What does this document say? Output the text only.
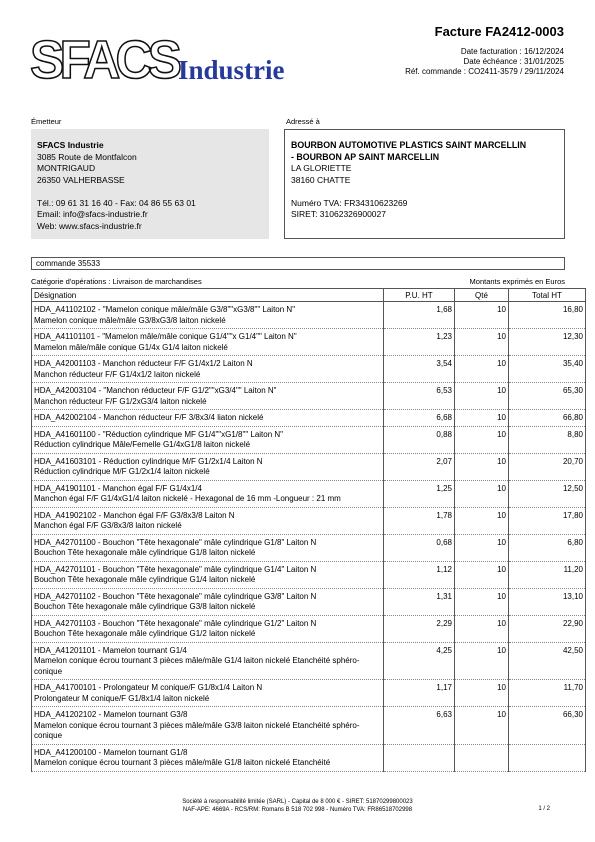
SFACS Industrie
Facture FA2412-0003
Date facturation : 16/12/2024
Date échéance : 31/01/2025
Réf. commande : CO2411-3579 / 29/11/2024
Émetteur	Adressé à
SFACS Industrie
3085 Route de Montfalcon
MONTRIGAUD
26350 VALHERBASSE
Tél.: 09 61 31 16 40 - Fax: 04 86 55 63 01
Email: info@sfacs-industrie.fr
Web: www.sfacs-industrie.fr
BOURBON AUTOMOTIVE PLASTICS SAINT MARCELLIN
- BOURBON AP SAINT MARCELLIN
LA GLORIETTE
38160 CHATTE
Numéro TVA: FR34310623269
SIRET: 31062326900027
commande 35533
Catégorie d'opérations : Livraison de marchandises	Montants exprimés en Euros
Désignation	P.U. HT	Qté	Total HT

HDA_A41102102 - "Mamelon conique mâle/mâle G3/8""xG3/8"" Laiton N"
Mamelon conique mâle/mâle G3/8xG3/8 laiton nickelé	1,68	10	16,80

HDA_A41101101 - "Mamelon mâle/mâle conique G1/4""x G1/4"" Laiton N"
Mamelon mâle/mâle conique G1/4x G1/4 laiton nickelé	1,23	10	12,30

HDA_A42001103 - Manchon réducteur F/F G1/4x1/2 Laiton N
Manchon réducteur F/F G1/4x1/2 laiton nickelé	3,54	10	35,40

HDA_A42003104 - "Manchon réducteur F/F G1/2""xG3/4"" Laiton N"
Manchon réducteur F/F G1/2xG3/4 laiton nickelé	6,53	10	65,30

HDA_A42002104 - Manchon réducteur F/F 3/8x3/4 liaton nickelé	6,68	10	66,80

HDA_A41601100 - "Réduction cylindrique MF G1/4""xG1/8"" Laiton N"
Réduction cylindrique Mâle/Femelle G1/4xG1/8 laiton nickelé	0,88	10	8,80

HDA_A41603101 - Réduction cylindrique M/F G1/2x1/4 Laiton N
Réduction cylindrique M/F G1/2x1/4 laiton nickelé	2,07	10	20,70

HDA_A41901101 - Manchon égal F/F G1/4x1/4
Manchon égal F/F G1/4xG1/4 laiton nickelé - Hexagonal de 16 mm -Longueur : 21 mm	1,25	10	12,50

HDA_A41902102 - Manchon égal F/F G3/8x3/8 Laiton N
Manchon égal F/F G3/8x3/8 laiton nickelé	1,78	10	17,80

HDA_A42701100 - Bouchon "Tête hexagonale" mâle cylindrique G1/8" Laiton N
Bouchon Tête hexagonale mâle cylindrique G1/8 laiton nickelé	0,68	10	6,80

HDA_A42701101 - Bouchon "Tête hexagonale" mâle cylindrique G1/4" Laiton N
Bouchon Tête hexagonale mâle cylindrique G1/4 laiton nickelé	1,12	10	11,20

HDA_A42701102 - Bouchon "Tête hexagonale" mâle cylindrique G3/8" Laiton N
Bouchon Tête hexagonale mâle cylindrique G3/8 laiton nickelé	1,31	10	13,10

HDA_A42701103 - Bouchon "Tête hexagonale" mâle cylindrique G1/2" Laiton N
Bouchon Tête hexagonale mâle cylindrique G1/2 laiton nickelé	2,29	10	22,90

HDA_A41201101 - Mamelon tournant G1/4
Mamelon conique écrou tournant 3 pièces mâle/mâle G1/4 laiton nickelé Etanchéité sphéro-conique	4,25	10	42,50

HDA_A41700101 - Prolongateur M conique/F G1/8x1/4 Laiton N
Prolongateur M conique/F G1/8x1/4 laiton nickelé	1,17	10	11,70

HDA_A41202102 - Mamelon tournant G3/8
Mamelon conique écrou tournant 3 pièces mâle/mâle G3/8 laiton nickelé Etanchéité sphéro-conique	6,63	10	66,30

HDA_A41200100 - Mamelon tournant G1/8
Mamelon conique écrou tournant 3 pièces mâle/mâle G1/8 laiton nickelé Etanchéité			

Société à responsabilité limitée (SARL) - Capital de 8 000 € - SIRET: 51870299800023
NAF-APE: 4669A - RCS/RM: Romans B 518 702 998 - Numéro TVA: FR86518702998	1 / 2
